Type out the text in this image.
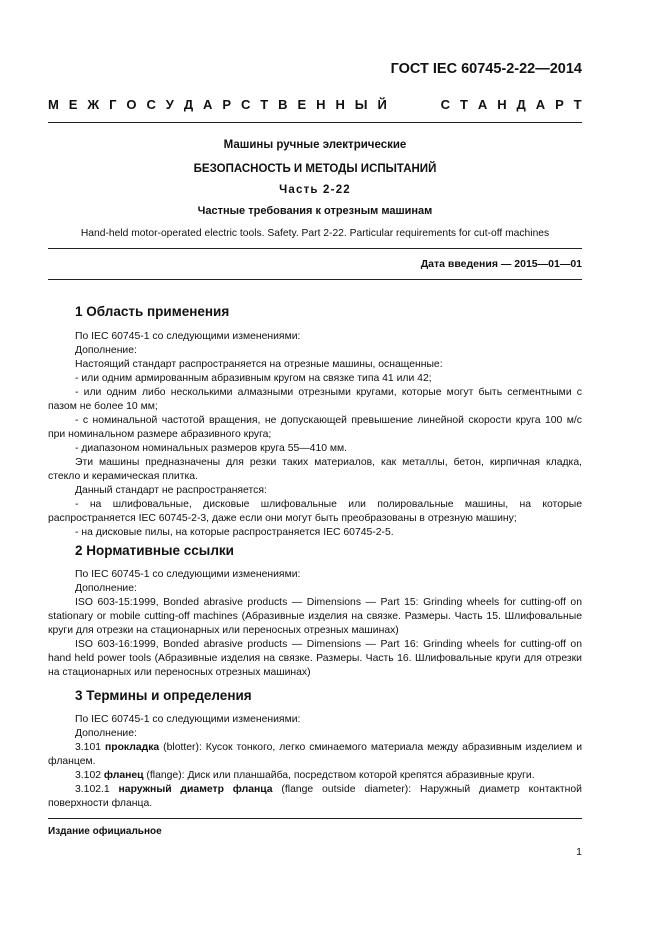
ГОСТ IEC 60745-2-22—2014
М Е Ж Г О С У Д А Р С Т В Е Н Н Ы Й	С Т А Н Д А Р Т
Машины ручные электрические
БЕЗОПАСНОСТЬ И МЕТОДЫ ИСПЫТАНИЙ
Часть 2-22
Частные требования к отрезным машинам
Hand-held motor-operated electric tools. Safety. Part 2-22. Particular requirements for cut-off machines
Дата введения — 2015—01—01
1 Область применения

По IEC 60745-1 со следующими изменениями:

Дополнение:

Настоящий стандарт распространяется на отрезные машины, оснащенные:

- или одним армированным абразивным кругом на связке типа 41 или 42;

- или одним либо несколькими алмазными отрезными кругами, которые могут быть сегментными с пазом не более 10 мм;

- с номинальной частотой вращения, не допускающей превышение линейной скорости круга 100 м/с при номинальном размере абразивного круга;

- диапазоном номинальных размеров круга 55—410 мм.

Эти машины предназначены для резки таких материалов, как металлы, бетон, кирпичная кладка, стекло и керамическая плитка.

Данный стандарт не распространяется:

- на шлифовальные, дисковые шлифовальные или полировальные машины, на которые распространяется IEC 60745-2-3, даже если они могут быть преобразованы в отрезную машину;

- на дисковые пилы, на которые распространяется IEC 60745-2-5.

2 Нормативные ссылки

По IEC 60745-1 со следующими изменениями:

Дополнение:

ISO 603-15:1999, Bonded abrasive products — Dimensions — Part 15: Grinding wheels for cutting-off on stationary or mobile cutting-off machines (Абразивные изделия на связке. Размеры. Часть 15. Шлифовальные круги для отрезки на стационарных или переносных отрезных машинах)

ISO 603-16:1999, Bonded abrasive products — Dimensions — Part 16: Grinding wheels for cutting-off on hand held power tools (Абразивные изделия на связке. Размеры. Часть 16. Шлифовальные круги для отрезки на стационарных или переносных отрезных машинах)

3 Термины и определения

По IEC 60745-1 со следующими изменениями:

Дополнение:

3.101 прокладка (blotter): Кусок тонкого, легко сминаемого материала между абразивным изделием и фланцем.

3.102 фланец (flange): Диск или планшайба, посредством которой крепятся абразивные круги.

3.102.1 наружный диаметр фланца (flange outside diameter): Наружный диаметр контактной поверхности фланца.

Издание официальное
1
